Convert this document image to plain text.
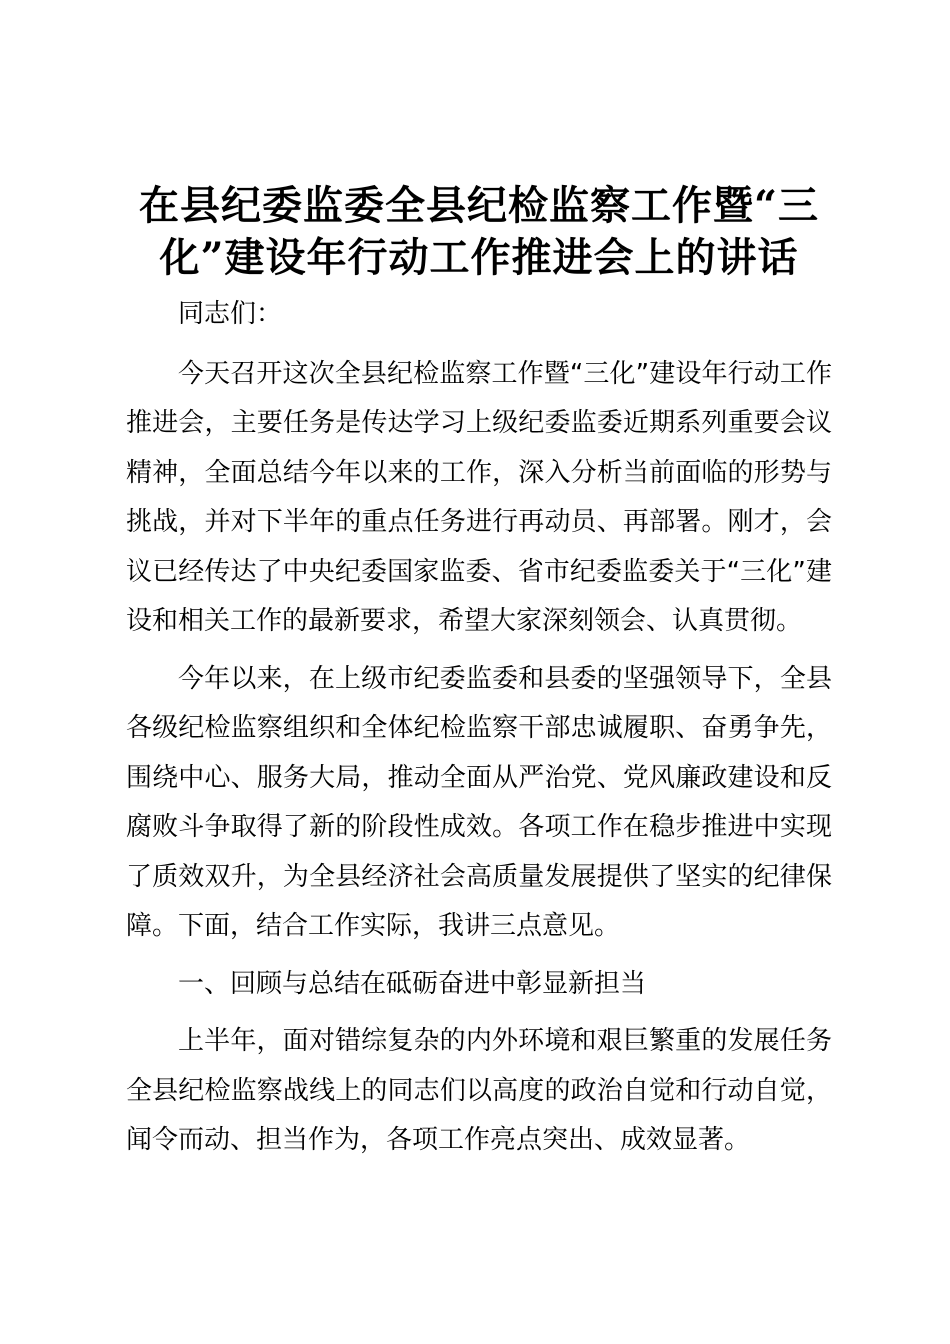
在县纪委监委全县纪检监察工作暨“三化”建设年行动工作推进会上的讲话
同志们：

今天召开这次全县纪检监察工作暨“三化”建设年行动工作推进会，主要任务是传达学习上级纪委监委近期系列重要会议精神，全面总结今年以来的工作，深入分析当前面临的形势与挑战，并对下半年的重点任务进行再动员、再部署。刚才，会议已经传达了中央纪委国家监委、省市纪委监委关于“三化”建设和相关工作的最新要求，希望大家深刻领会、认真贯彻。

今年以来，在上级市纪委监委和县委的坚强领导下，全县各级纪检监察组织和全体纪检监察干部忠诚履职、奋勇争先，围绕中心、服务大局，推动全面从严治党、党风廉政建设和反腐败斗争取得了新的阶段性成效。各项工作在稳步推进中实现了质效双升，为全县经济社会高质量发展提供了坚实的纪律保障。下面，结合工作实际，我讲三点意见。

一、回顾与总结在砥砺奋进中彰显新担当

上半年，面对错综复杂的内外环境和艰巨繁重的发展任务全县纪检监察战线上的同志们以高度的政治自觉和行动自觉，闻令而动、担当作为，各项工作亮点突出、成效显著。
